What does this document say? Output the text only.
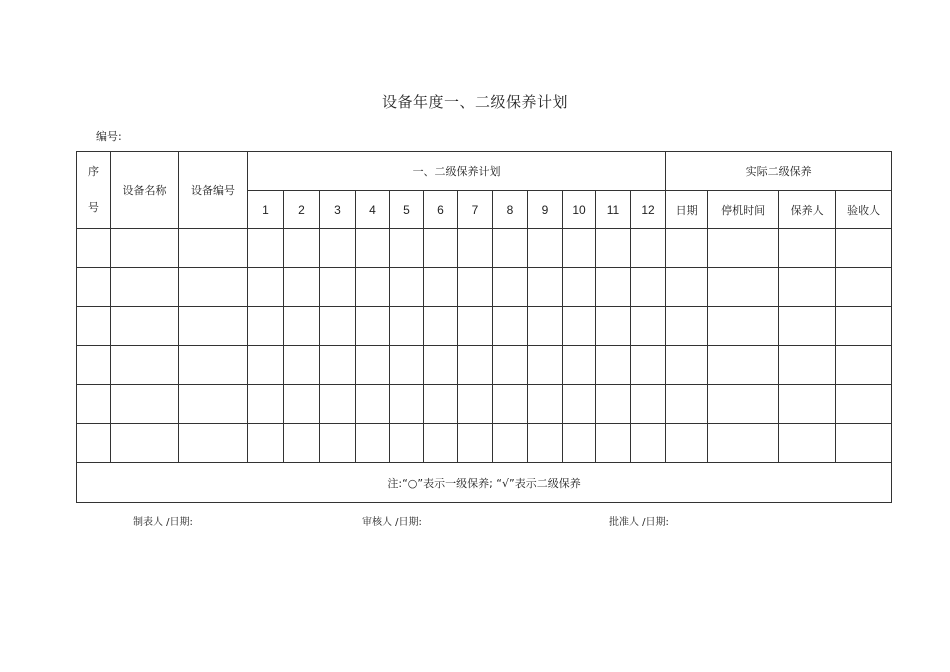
设备年度一、二级保养计划
编号:
序
号	设备名称	设备编号	一、二级保养计划												实际二级保养			
			1	2	3	4	5	6	7	8	9	10	11	12	日期	停机时间	保养人	验收人

注:“○”表示一级保养; “√”表示二级保养																		
制表人 /日期:	审核人 /日期:	批准人 /日期:
